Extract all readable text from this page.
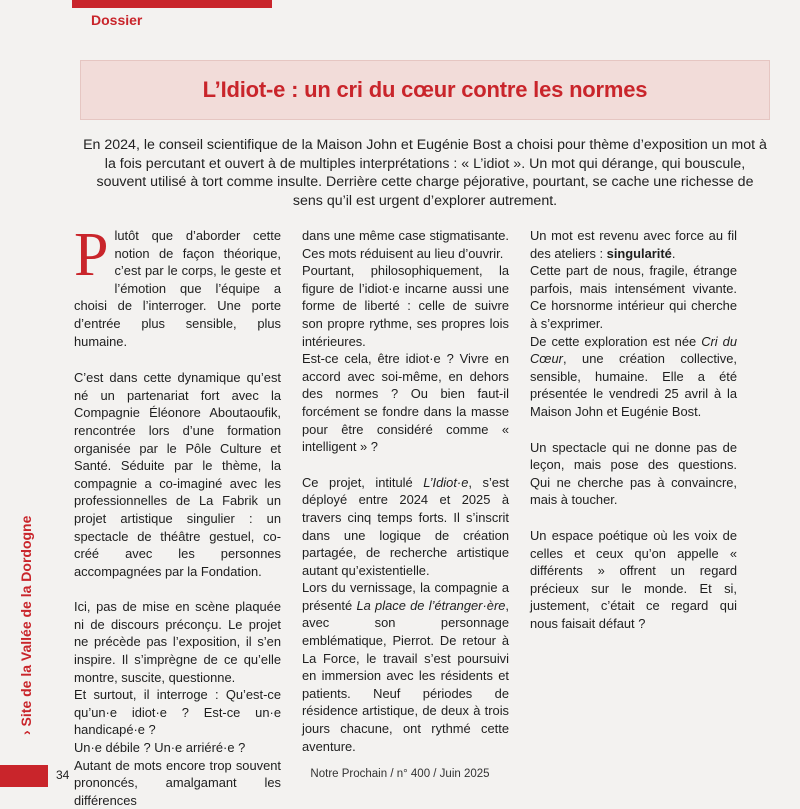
Dossier
L’Idiot-e : un cri du cœur contre les normes
En 2024, le conseil scientifique de la Maison John et Eugénie Bost a choisi pour thème d’exposition un mot à la fois percutant et ouvert à de multiples interprétations : « L’idiot ». Un mot qui dérange, qui bouscule, souvent utilisé à tort comme insulte. Derrière cette charge péjorative, pourtant, se cache une richesse de sens qu’il est urgent d’explorer autrement.

Plutôt que d’aborder cette notion de façon théorique, c’est par le corps, le geste et l’émotion que l’équipe a choisi de l’interroger. Une porte d’entrée plus sensible, plus humaine.

C’est dans cette dynamique qu’est né un partenariat fort avec la Compagnie Éléonore Aboutaoufik, rencontrée lors d’une formation organisée par le Pôle Culture et Santé. Séduite par le thème, la compagnie a co-imaginé avec les professionnelles de La Fabrik un projet artistique singulier : un spectacle de théâtre gestuel, co-créé avec les personnes accompagnées par la Fondation.

Ici, pas de mise en scène plaquée ni de discours préconçu. Le projet ne précède pas l’exposition, il s’en inspire. Il s’imprègne de ce qu’elle montre, suscite, questionne.

Et surtout, il interroge : Qu’est-ce qu’un·e idiot·e ? Est-ce un·e handicapé·e ?

Un·e débile ? Un·e arriéré·e ?

Autant de mots encore trop souvent prononcés, amalgamant les différences

dans une même case stigmatisante. Ces mots réduisent au lieu d’ouvrir.

Pourtant, philosophiquement, la figure de l’idiot·e incarne aussi une forme de liberté : celle de suivre son propre rythme, ses propres lois intérieures.

Est-ce cela, être idiot·e ? Vivre en accord avec soi-même, en dehors des normes ? Ou bien faut-il forcément se fondre dans la masse pour être considéré comme « intelligent » ?

Ce projet, intitulé L’Idiot·e, s’est déployé entre 2024 et 2025 à travers cinq temps forts. Il s’inscrit dans une logique de création partagée, de recherche artistique autant qu’existentielle.

Lors du vernissage, la compagnie a présenté La place de l’étranger·ère, avec son personnage emblématique, Pierrot. De retour à La Force, le travail s’est poursuivi en immersion avec les résidents et patients. Neuf périodes de résidence artistique, de deux à trois jours chacune, ont rythmé cette aventure.

Un mot est revenu avec force au fil des ateliers : singularité.

Cette part de nous, fragile, étrange parfois, mais intensément vivante. Ce horsnorme intérieur qui cherche à s’exprimer.

De cette exploration est née Cri du Cœur, une création collective, sensible, humaine. Elle a été présentée le vendredi 25 avril à la Maison John et Eugénie Bost.

Un spectacle qui ne donne pas de leçon, mais pose des questions. Qui ne cherche pas à convaincre, mais à toucher.

Un espace poétique où les voix de celles et ceux qu’on appelle « différents » offrent un regard précieux sur le monde. Et si, justement, c’était ce regard qui nous faisait défaut ?

› Site de la Vallée de la Dordogne
34	Notre Prochain / n° 400 / Juin 2025
